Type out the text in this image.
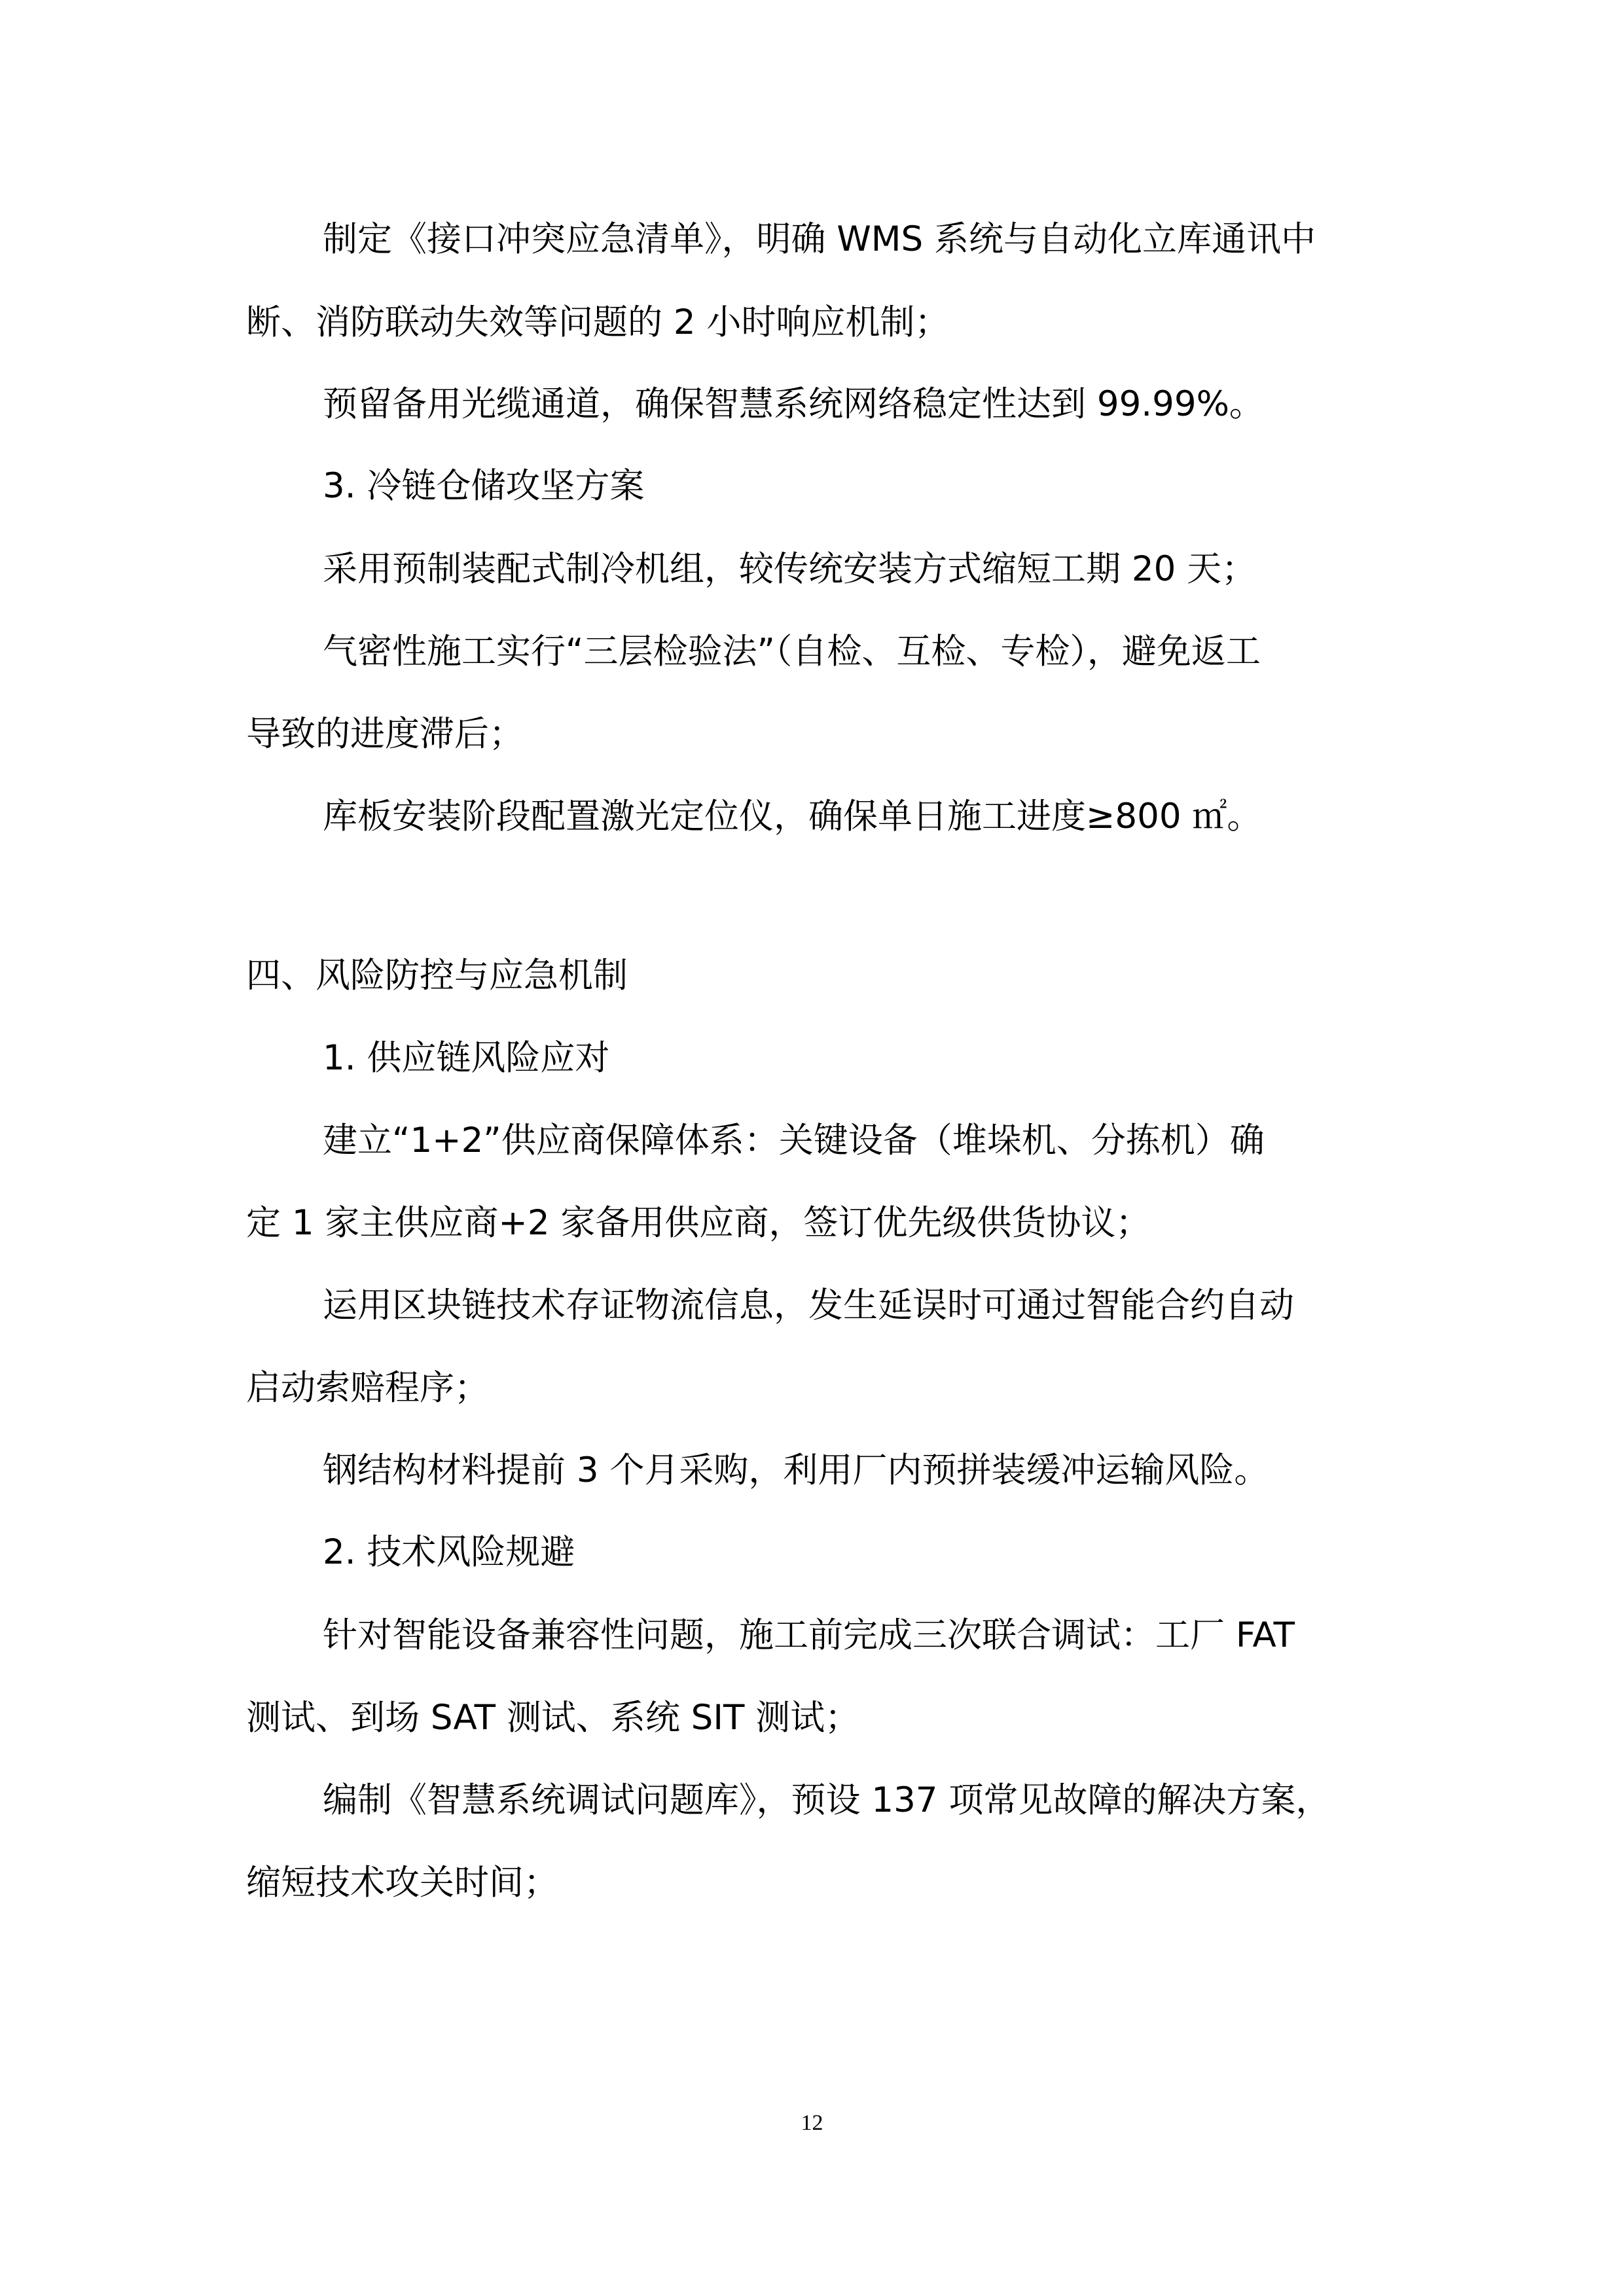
制定《接口冲突应急清单》，明确 WMS 系统与自动化立库通讯中
断、消防联动失效等问题的 2 小时响应机制；
预留备用光缆通道，确保智慧系统网络稳定性达到 99.99%。
3. 冷链仓储攻坚方案
采用预制装配式制冷机组，较传统安装方式缩短工期 20 天；
气密性施工实行“三层检验法”（自检、互检、专检），避免返工
导致的进度滞后；
库板安装阶段配置激光定位仪，确保单日施工进度≥800 ㎡。
四、风险防控与应急机制
1. 供应链风险应对
建立“1+2”供应商保障体系：关键设备（堆垛机、分拣机）确
定 1 家主供应商+2 家备用供应商，签订优先级供货协议；
运用区块链技术存证物流信息，发生延误时可通过智能合约自动
启动索赔程序；
钢结构材料提前 3 个月采购，利用厂内预拼装缓冲运输风险。
2. 技术风险规避
针对智能设备兼容性问题，施工前完成三次联合调试：工厂 FAT
测试、到场 SAT 测试、系统 SIT 测试；
编制《智慧系统调试问题库》，预设 137 项常见故障的解决方案，
缩短技术攻关时间；
12
